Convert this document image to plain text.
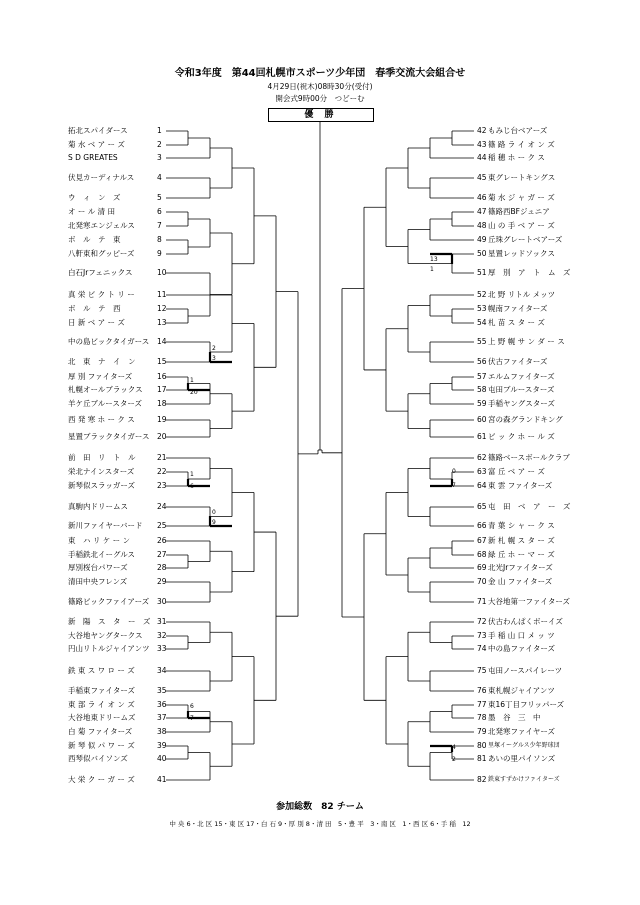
令和3年度　第44回札幌市スポーツ少年団　春季交流大会組合せ
4月29日(祝木)08時30分(受付)
開会式9時00分　つどーむ
優 勝
拓北スパイダース	1
菊 水 ベ ア ー ズ	2
S D GREATES	3
伏見カーディナルス	4
ウ　ィ　ン　ズ	5
オ ー ル 清 田	6
北発寒エンジェルス	7
ボ　ル　テ　東	8
八軒東和グッピーズ	9
白石Jrフェニックス	10
真 栄 ビ ク ト リ ー	11
ボ　ル　テ　西	12
日 新 ベ ア ー ズ	13
中の島ビックタイガース 14
北　東　ナ　イ　ン	15
厚 別 ファイターズ	16
札幌オールブラックス 17
羊ケ丘ブルースターズ 18
西 発 寒 ホ ー ク ス	19
星置ブラックタイガース 20
前　田　リ　ト　ル	21
栄北ナインスターズ	22
新琴似スラッガーズ	23
真駒内ドリームス	24
新川ファイヤーバード 25
東　ハ リ ケ ー ン	26
手稲鉄北イーグルス	27
厚別桜台パワーズ	28
清田中央フレンズ	29
篠路ビックファイアーズ 30
新　陽　ス　タ　ー　ズ 31
大谷地ヤングタークス 32
円山リトルジャイアンツ 33
鉄 東 ス ワ ロ ー ズ	34
手稲東ファイターズ	35
東 部 ラ イ オ ン ズ	36
大谷地東ドリームズ	37
白 菊 ファイターズ	38
新 琴 似 パ ワ ー ズ	39
西琴似バイソンズ	40
大 栄 ク ー ガ ー ズ	41
42 もみじ台ベアーズ
43 篠 路 ラ イ オ ン ズ
44 稲 穂 ホ ー ク ス
45 東グレートキングス
46 菊 水 ジ ャ ガ ー ズ
47 篠路西BFジュニア
48 山 の 手 ベ ア ー ズ
49 丘珠グレートベアーズ
50 星置レッドソックス
51 厚　別　ア　ト　ム　ズ
52 北 野 リトル メッツ
53 幌南ファイターズ
54 札 苗 ス タ ー ズ
55 上 野 幌 サ ン ダ ー ス
56 伏古ファイターズ
57 エルムファイターズ
58 屯田ブルースターズ
59 手稲ヤングスターズ
60 宮の森グランドキング
61 ビ ッ ク ホ ー ル ズ
62 篠路ベースボールクラブ
63 富 丘 ベ ア ー ズ
64 東 雲 ファイターズ
65 屯　田　ベ　ア　ー　ズ
66 青 葉 シ ャ ー ク ス
67 新 札 幌 ス タ ー ズ
68 緑 丘 ホ ー マ ー ズ
69 北光Jrファイターズ
70 金 山 ファイターズ
71 大谷地第一ファイターズ
72 伏古わんぱくボーイズ
73 手 稲 山 口 メ ッ ツ
74 中の島ファイターズ
75 屯田ノースパイレーツ
76 東札幌ジャイアンツ
77 東16丁目フリッパーズ
78 墨　谷　三　中
79 北発寒ファイヤーズ
80 里塚イーグルス少年野球団
81 あいの里パイソンズ
82 鉄東すずかけファイターズ
2
3
1
20
1
6
0
9
6
7
13
1
0
7
4
2
参加総数　82 チーム
中 央 6・北 区 15・東 区 17・白 石 9・厚 別 8・清 田　5・豊 平　3・南 区　1・西 区 6・手 稲　12
